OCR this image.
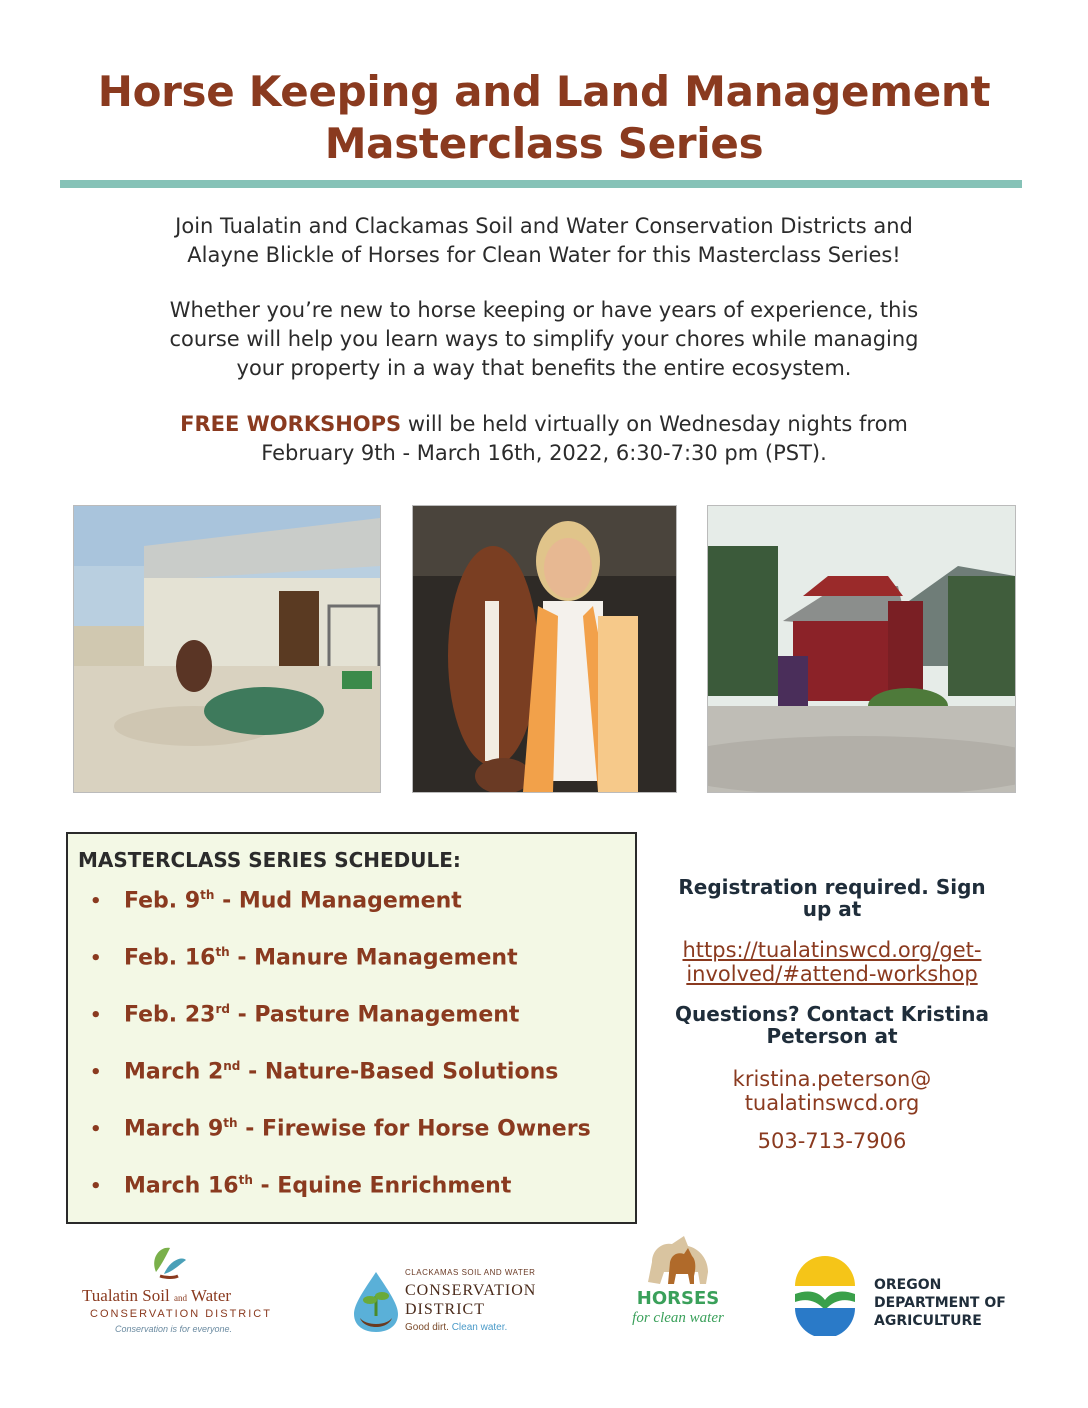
Horse Keeping and Land Management
Masterclass Series
Join Tualatin and Clackamas Soil and Water Conservation Districts and
Alayne Blickle of Horses for Clean Water for this Masterclass Series!
Whether you’re new to horse keeping or have years of experience, this
course will help you learn ways to simplify your chores while managing
your property in a way that benefits the entire ecosystem.
FREE WORKSHOPS will be held virtually on Wednesday nights from
February 9th - March 16th, 2022, 6:30-7:30 pm (PST).
MASTERCLASS SERIES SCHEDULE:
• Feb. 9th - Mud Management
• Feb. 16th - Manure Management
• Feb. 23rd - Pasture Management
• March 2nd - Nature-Based Solutions
• March 9th - Firewise for Horse Owners
• March 16th - Equine Enrichment
Registration required. Sign
up at
https://tualatinswcd.org/get-
involved/#attend-workshop
Questions? Contact Kristina
Peterson at
kristina.peterson@
tualatinswcd.org
503-713-7906
Tualatin Soil and Water
CONSERVATION DISTRICT
Conservation is for everyone.
CLACKAMAS SOIL AND WATER
CONSERVATION
DISTRICT
Good dirt. Clean water.
HORSES
for clean water
OREGON
DEPARTMENT OF
AGRICULTURE
